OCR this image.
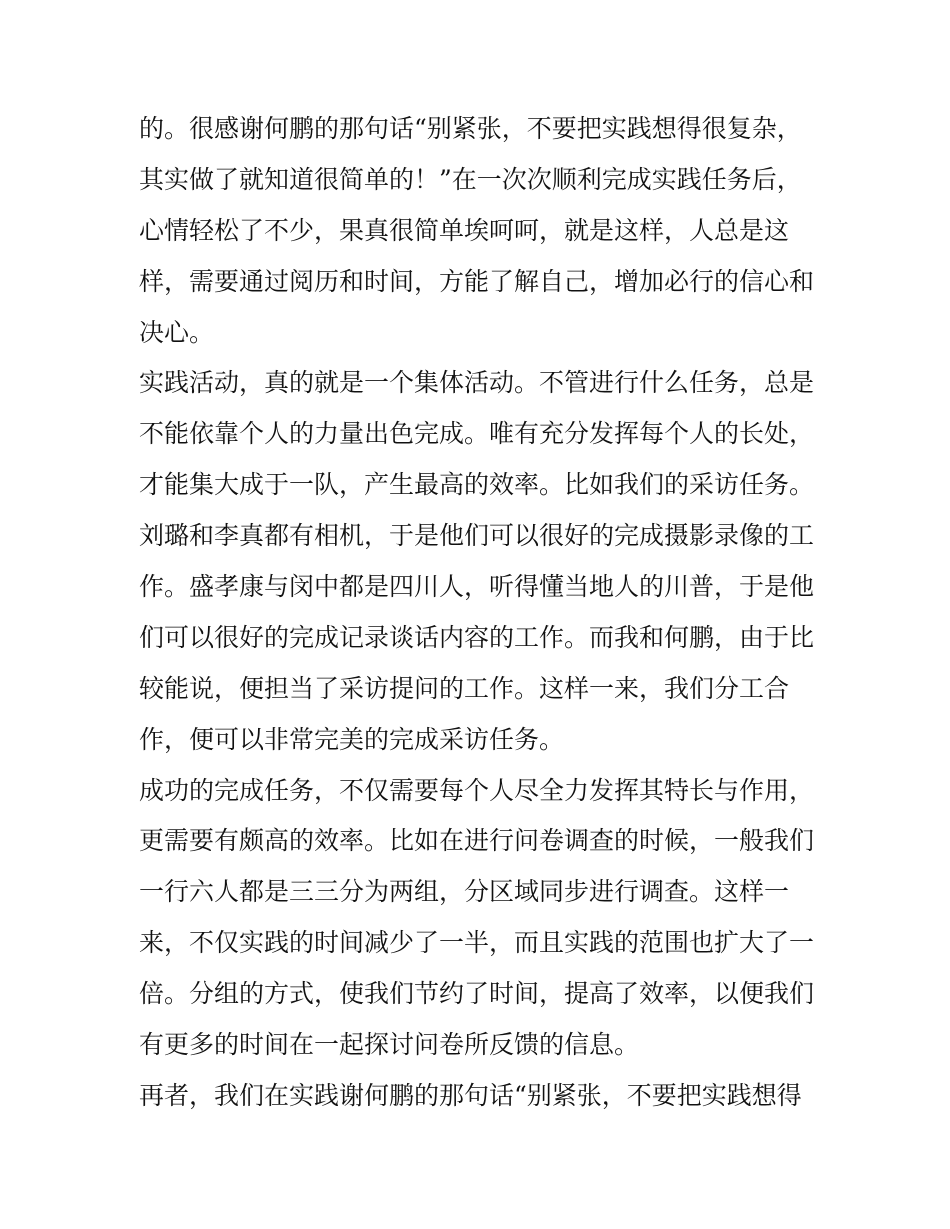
的。很感谢何鹏的那句话“别紧张，不要把实践想得很复杂，
其实做了就知道很简单的！”在一次次顺利完成实践任务后，
心情轻松了不少，果真很简单埃呵呵，就是这样，人总是这
样，需要通过阅历和时间，方能了解自己，增加必行的信心和
决心。
实践活动，真的就是一个集体活动。不管进行什么任务，总是
不能依靠个人的力量出色完成。唯有充分发挥每个人的长处，
才能集大成于一队，产生最高的效率。比如我们的采访任务。
刘璐和李真都有相机，于是他们可以很好的完成摄影录像的工
作。盛孝康与闵中都是四川人，听得懂当地人的川普，于是他
们可以很好的完成记录谈话内容的工作。而我和何鹏，由于比
较能说，便担当了采访提问的工作。这样一来，我们分工合
作，便可以非常完美的完成采访任务。
成功的完成任务，不仅需要每个人尽全力发挥其特长与作用，
更需要有颇高的效率。比如在进行问卷调查的时候，一般我们
一行六人都是三三分为两组，分区域同步进行调查。这样一
来，不仅实践的时间减少了一半，而且实践的范围也扩大了一
倍。分组的方式，使我们节约了时间，提高了效率，以便我们
有更多的时间在一起探讨问卷所反馈的信息。
再者，我们在实践谢何鹏的那句话“别紧张，不要把实践想得
